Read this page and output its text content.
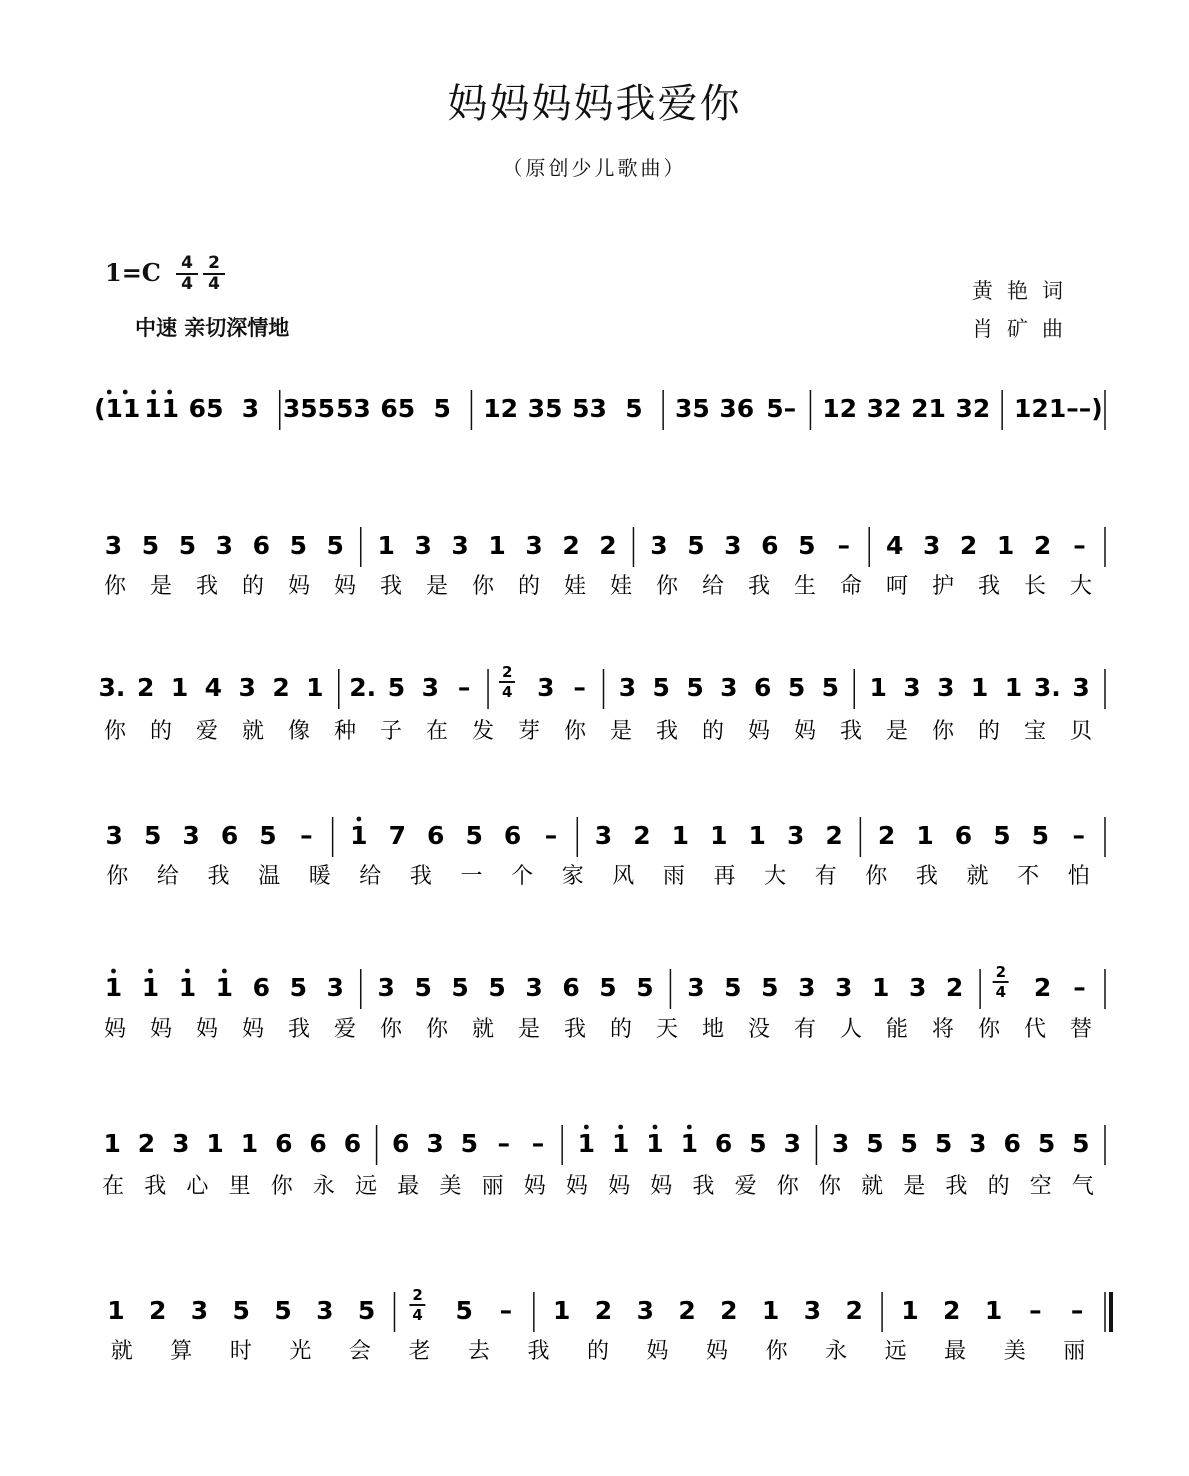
妈妈妈妈我爱你
（原创少儿歌曲）
$1=C \frac{4}{4} \frac{2}{4}$
中速 亲切深情地
黄艳词
肖矿曲
(11 11 65 3 355 53 65 5 12 35 53 5 35 36 5– 12 32 21 32 12 1––)
3 5 5 3 6 5 5 1 3 3 1 3 2 2 3 5 3 6 5 – 4 3 2 1 2 –
你 是 我 的 妈 妈 我 是 你 的 娃 娃 你 给 我 生 命 呵 护 我 长 大
3. 2 1 4 3 2 1 2. 5 3 –
2
4 3 – 3 5 5 3 6 5 5 1 3 3 1 1 3. 3
你 的 爱 就 像 种 子 在 发 芽 你 是 我 的 妈 妈 我 是 你 的 宝 贝
3 5 3 6 5 – 1 7 6 5 6 – 3 2 1 1 1 3 2 2 1 6 5 5 –
你 给 我 温 暖 给 我 一 个 家 风 雨 再 大 有 你 我 就 不 怕
1 1 1 1 6 5 3 3 5 5 5 3 6 5 5 3 5 5 3 3 1 3 2
2
4 2 –
妈 妈 妈 妈 我 爱 你 你 就 是 我 的 天 地 没 有 人 能 将 你 代 替
1 2 3 1 1 6 6 6 6 3 5 – – 1 1 1 1 6 5 3 3 5 5 5 3 6 5 5
在 我 心 里 你 永 远 最 美 丽 妈 妈 妈 妈 我 爱 你 你 就 是 我 的 空 气
1 2 3 5 5 3 5
2
4 5 – 1 2 3 2 2 1 3 2 1 2 1 – –
就 算 时 光 会 老 去 我 的 妈 妈 你 永 远 最 美 丽
